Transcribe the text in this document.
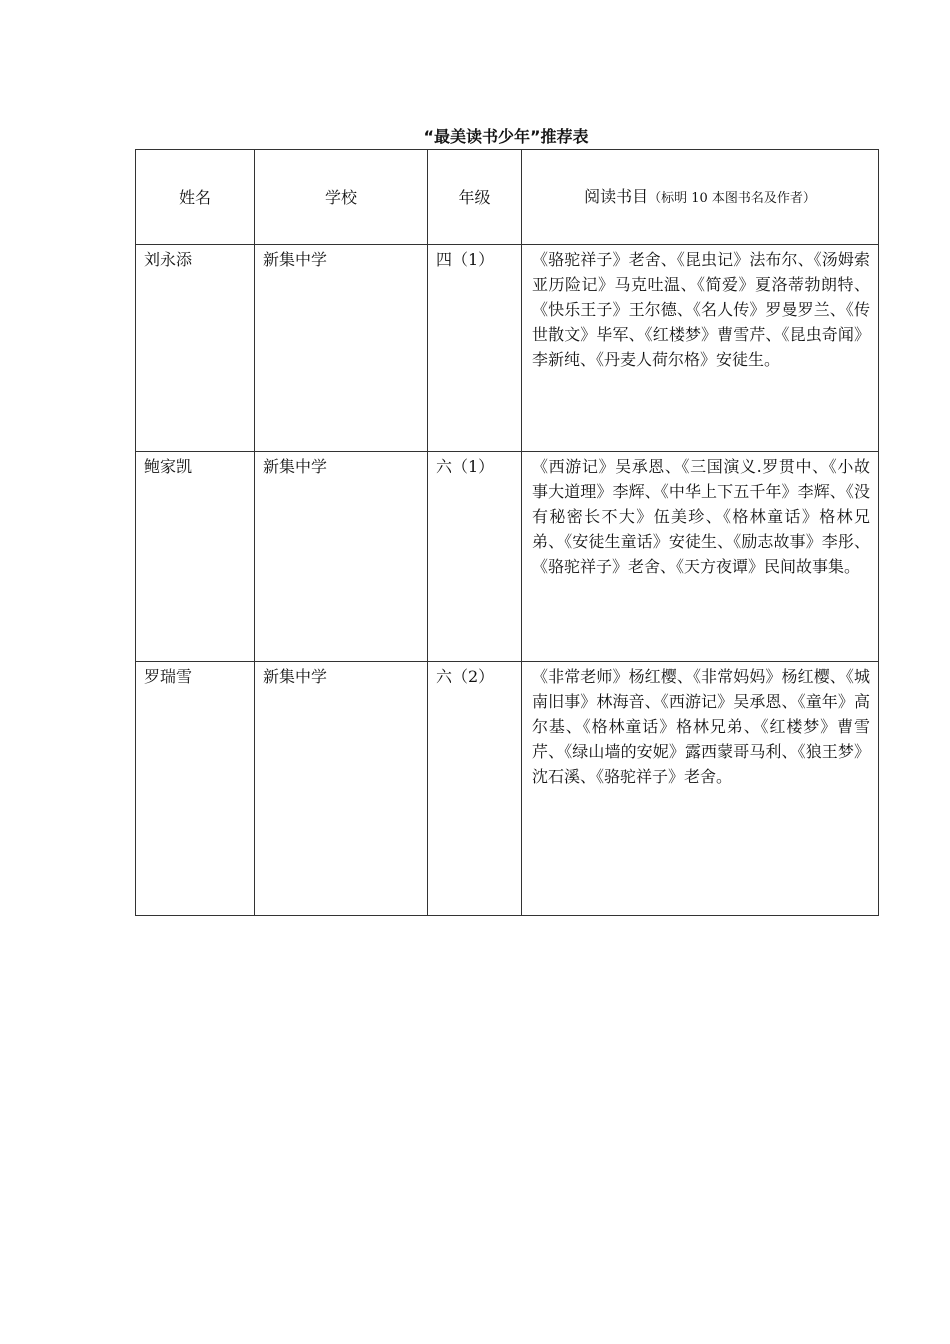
“最美读书少年”推荐表
姓名	学校	年级	阅读书目（标明 10 本图书名及作者）
刘永添	新集中学	四（1）	《骆驼祥子》老舍、《昆虫记》法布尔、《汤姆索亚历险记》马克吐温、《简爱》夏洛蒂勃朗特、《快乐王子》王尔德、《名人传》罗曼罗兰、《传世散文》毕军、《红楼梦》曹雪芹、《昆虫奇闻》李新纯、《丹麦人荷尔格》安徒生。
鲍家凯	新集中学	六（1）	《西游记》吴承恩、《三国演义.罗贯中、《小故事大道理》李辉、《中华上下五千年》李辉、《没有秘密长不大》伍美珍、《格林童话》格林兄弟、《安徒生童话》安徒生、《励志故事》李彤、《骆驼祥子》老舍、《天方夜谭》民间故事集。
罗瑞雪	新集中学	六（2）	《非常老师》杨红樱、《非常妈妈》杨红樱、《城南旧事》林海音、《西游记》吴承恩、《童年》高尔基、《格林童话》格林兄弟、《红楼梦》曹雪芹、《绿山墙的安妮》露西蒙哥马利、《狼王梦》沈石溪、《骆驼祥子》老舍。
